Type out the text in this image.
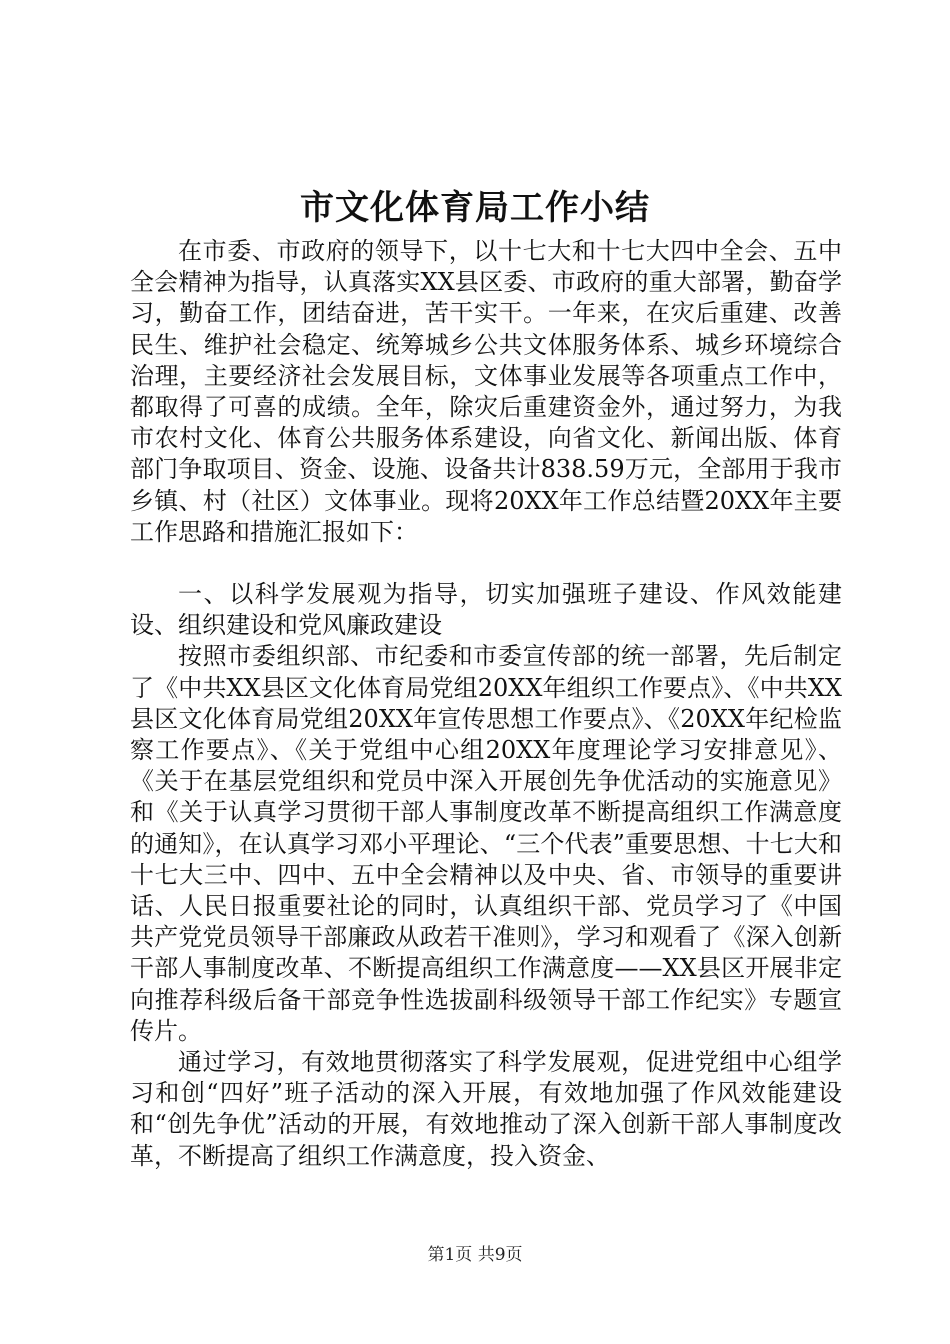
市文化体育局工作小结

在市委、市政府的领导下，以十七大和十七大四中全会、五中全会精神为指导，认真落实XX县区委、市政府的重大部署，勤奋学习，勤奋工作，团结奋进，苦干实干。一年来，在灾后重建、改善民生、维护社会稳定、统筹城乡公共文体服务体系、城乡环境综合治理，主要经济社会发展目标，文体事业发展等各项重点工作中，都取得了可喜的成绩。全年，除灾后重建资金外，通过努力，为我市农村文化、体育公共服务体系建设，向省文化、新闻出版、体育部门争取项目、资金、设施、设备共计838.59万元，全部用于我市乡镇、村（社区）文体事业。现将20XX年工作总结暨20XX年主要工作思路和措施汇报如下：

一、以科学发展观为指导，切实加强班子建设、作风效能建设、组织建设和党风廉政建设

按照市委组织部、市纪委和市委宣传部的统一部署，先后制定了《中共XX县区文化体育局党组20XX年组织工作要点》、《中共XX县区文化体育局党组20XX年宣传思想工作要点》、《20XX年纪检监察工作要点》、《关于党组中心组20XX年度理论学习安排意见》、《关于在基层党组织和党员中深入开展创先争优活动的实施意见》和《关于认真学习贯彻干部人事制度改革不断提高组织工作满意度的通知》，在认真学习邓小平理论、“三个代表”重要思想、十七大和十七大三中、四中、五中全会精神以及中央、省、市领导的重要讲话、人民日报重要社论的同时，认真组织干部、党员学习了《中国共产党党员领导干部廉政从政若干准则》，学习和观看了《深入创新干部人事制度改革、不断提高组织工作满意度——XX县区开展非定向推荐科级后备干部竞争性选拔副科级领导干部工作纪实》专题宣传片。

通过学习，有效地贯彻落实了科学发展观，促进党组中心组学习和创“四好”班子活动的深入开展，有效地加强了作风效能建设和“创先争优”活动的开展，有效地推动了深入创新干部人事制度改革，不断提高了组织工作满意度，投入资金、

第1页 共9页
